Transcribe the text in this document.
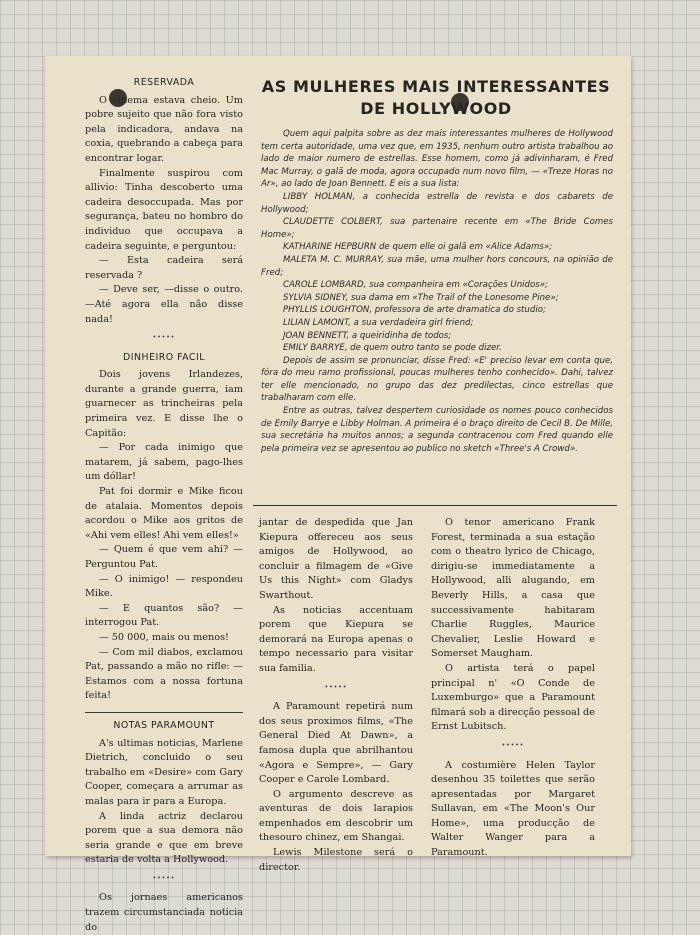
RESERVADA

O cinema estava cheio. Um pobre sujeito que não fora visto pela indicadora, andava na coxia, quebrando a cabeça para encontrar logar.

Finalmente suspirou com allivio: Tinha descoberto uma cadeira desoccupada. Mas por segurança, bateu no hombro do individuo que occupava a cadeira seguinte, e perguntou:

— Esta cadeira será reservada ?

— Deve ser, —disse o outro. —Até agora ella não disse nada!

•••••
DINHEIRO FACIL

Dois jovens Irlandezes, durante a grande guerra, iam guarnecer as trincheiras pela primeira vez. E disse lhe o Capitão:

— Por cada inimigo que matarem, já sabem, pago-lhes um dóllar!

Pat foi dormir e Mike ficou de atalaia. Momentos depois acordou o Mike aos gritos de «Ahi vem elles! Ahi vem elles!»

— Quem é que vem ahi? —Perguntou Pat.

— O inimigo! — respondeu Mike.

— E quantos são? — interrogou Pat.

— 50 000, mais ou menos!

— Com mil diabos, exclamou Pat, passando a mão no rifle: — Estamos com a nossa fortuna feita!

NOTAS PARAMOUNT

A's ultimas noticias, Marlene Dietrich, concluido o seu trabalho em «Desire» com Gary Cooper, começara a arrumar as malas para ir para a Europa.

A linda actriz declarou porem que a sua demora não seria grande e que em breve estaria de volta a Hollywood.

•••••

Os jornaes americanos trazem circumstanciada noticia do

AS MULHERES MAIS INTERESSANTES
DE HOLLYWOOD

Quem aqui palpita sobre as dez mais interessantes mulheres de Hollywood tem certa autoridade, uma vez que, em 1935, nenhum outro artista trabalhou ao lado de maior numero de estrellas. Esse homem, como já adivinharam, é Fred Mac Murray, o galã de moda, agora occupado num novo film, — «Treze Horas no Ar», ao lado de Joan Bennett. E eis a sua lista:

LIBBY HOLMAN, a conhecida estrella de revista e dos cabarets de Hollywood;

CLAUDETTE COLBERT, sua partenaire recente em «The Bride Comes Home»;

KATHARINE HEPBURN de quem elle oi galã em «Alice Adams»;

MALETA M. C. MURRAY, sua mãe, uma mulher hors concours, na opinião de Fred;

CAROLE LOMBARD, sua companheira em «Corações Unidos»;

SYLVIA SIDNEY, sua dama em «The Trail of the Lonesome Pine»;

PHYLLIS LOUGHTON, professora de arte dramatica do studio;

LILIAN LAMONT, a sua verdadeira girl friend;

JOAN BENNETT, a queiridinha de todos;

EMILY BARRYE, de quem outro tanto se pode dizer.

Depois de assim se pronunciar, disse Fred: «E' preciso levar em conta que, fóra do meu ramo profissional, poucas mulheres tenho conhecido». Dahi, talvez ter elle mencionado, no grupo das dez predilectas, cinco estrellas que trabalharam com elle.

Entre as outras, talvez despertem curiosidade os nomes pouco conhecidos de Emily Barrye e Libby Holman. A primeira é o braço direito de Cecil B. De Mille, sua secretária ha muitos annos; a segunda contracenou com Fred quando elle pela primeira vez se apresentou ao publico no sketch «Three's A Crowd».

jantar de despedida que Jan Kiepura offereceu aos seus amigos de Hollywood, ao concluir a filmagem de «Give Us this Night» com Gladys Swarthout.

As noticias accentuam porem que Kiepura se demorará na Europa apenas o tempo necessario para visitar sua familia.

•••••

A Paramount repetirá num dos seus proximos films, «The General Died At Dawn», a famosa dupla que abrilhantou «Agora e Sempre», — Gary Cooper e Carole Lombard.

O argumento descreve as aventuras de dois larapios empenhados em descobrir um thesouro chinez, em Shangai.

Lewis Milestone será o director.

O tenor americano Frank Forest, terminada a sua estação com o theatro lyrico de Chicago, dirigiu-se immediatamente a Hollywood, alli alugando, em Beverly Hills, a casa que successivamente habitaram Charlie Ruggles, Maurice Chevalier, Leslie Howard e Somerset Maugham.

O artista terá o papel principal n' «O Conde de Luxemburgo» que a Paramount filmará sob a direcção pessoal de Ernst Lubitsch.

•••••

A costumière Helen Taylor desenhou 35 toilettes que serão apresentadas por Margaret Sullavan, em «The Moon's Our Home», uma producção de Walter Wanger para a Paramount.
